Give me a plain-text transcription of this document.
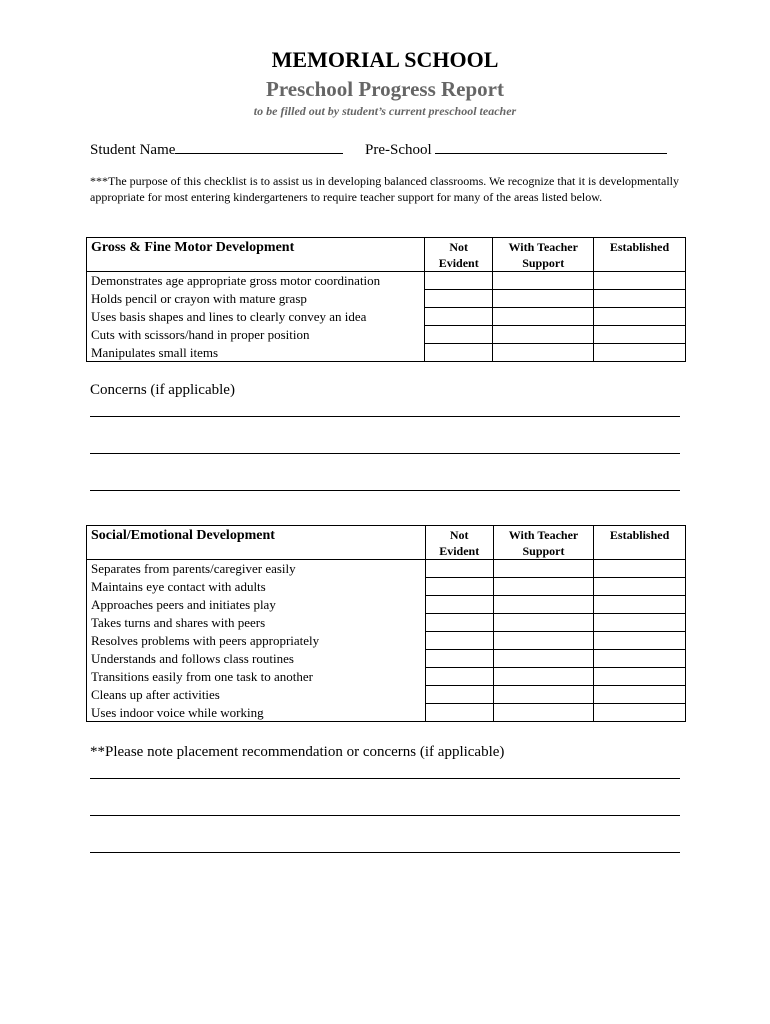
MEMORIAL SCHOOL
Preschool Progress Report
to be filled out by student’s current preschool teacher
Student Name	Pre-School
***The purpose of this checklist is to assist us in developing balanced classrooms. We recognize that it is developmentally appropriate for most entering kindergarteners to require teacher support for many of the areas listed below.
Gross & Fine Motor Development	Not Evident	With Teacher Support	Established
Demonstrates age appropriate gross motor coordination			
Holds pencil or crayon with mature grasp			
Uses basis shapes and lines to clearly convey an idea			
Cuts with scissors/hand in proper position			
Manipulates small items			
Concerns (if applicable)
Social/Emotional Development	Not Evident	With Teacher Support	Established
Separates from parents/caregiver easily			
Maintains eye contact with adults			
Approaches peers and initiates play			
Takes turns and shares with peers			
Resolves problems with peers appropriately			
Understands and follows class routines			
Transitions easily from one task to another			
Cleans up after activities			
Uses indoor voice while working			
**Please note placement recommendation or concerns (if applicable)
